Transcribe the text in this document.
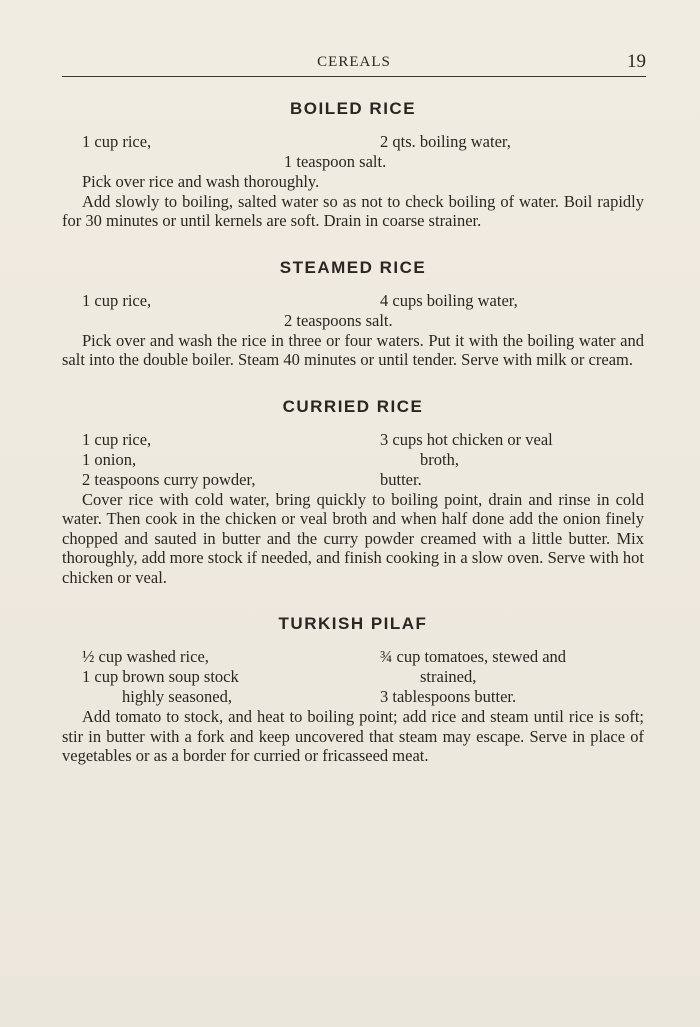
CEREALS	19
BOILED RICE
1 cup rice,	2 qts. boiling water,
1 teaspoon salt.

Pick over rice and wash thoroughly.

Add slowly to boiling, salted water so as not to check boiling of water. Boil rapidly for 30 minutes or until kernels are soft. Drain in coarse strainer.

STEAMED RICE
1 cup rice,	4 cups boiling water,
2 teaspoons salt.

Pick over and wash the rice in three or four waters. Put it with the boiling water and salt into the double boiler. Steam 40 minutes or until tender. Serve with milk or cream.

CURRIED RICE
1 cup rice,	3 cups hot chicken or veal
1 onion,	broth,
2 teaspoons curry powder,	butter.

Cover rice with cold water, bring quickly to boiling point, drain and rinse in cold water. Then cook in the chicken or veal broth and when half done add the onion finely chopped and sauted in butter and the curry powder creamed with a little butter. Mix thoroughly, add more stock if needed, and finish cooking in a slow oven. Serve with hot chicken or veal.

TURKISH PILAF
½ cup washed rice,	¾ cup tomatoes, stewed and
1 cup brown soup stock	strained,
highly seasoned,	3 tablespoons butter.

Add tomato to stock, and heat to boiling point; add rice and steam until rice is soft; stir in butter with a fork and keep uncovered that steam may escape. Serve in place of vegetables or as a border for curried or fricasseed meat.
